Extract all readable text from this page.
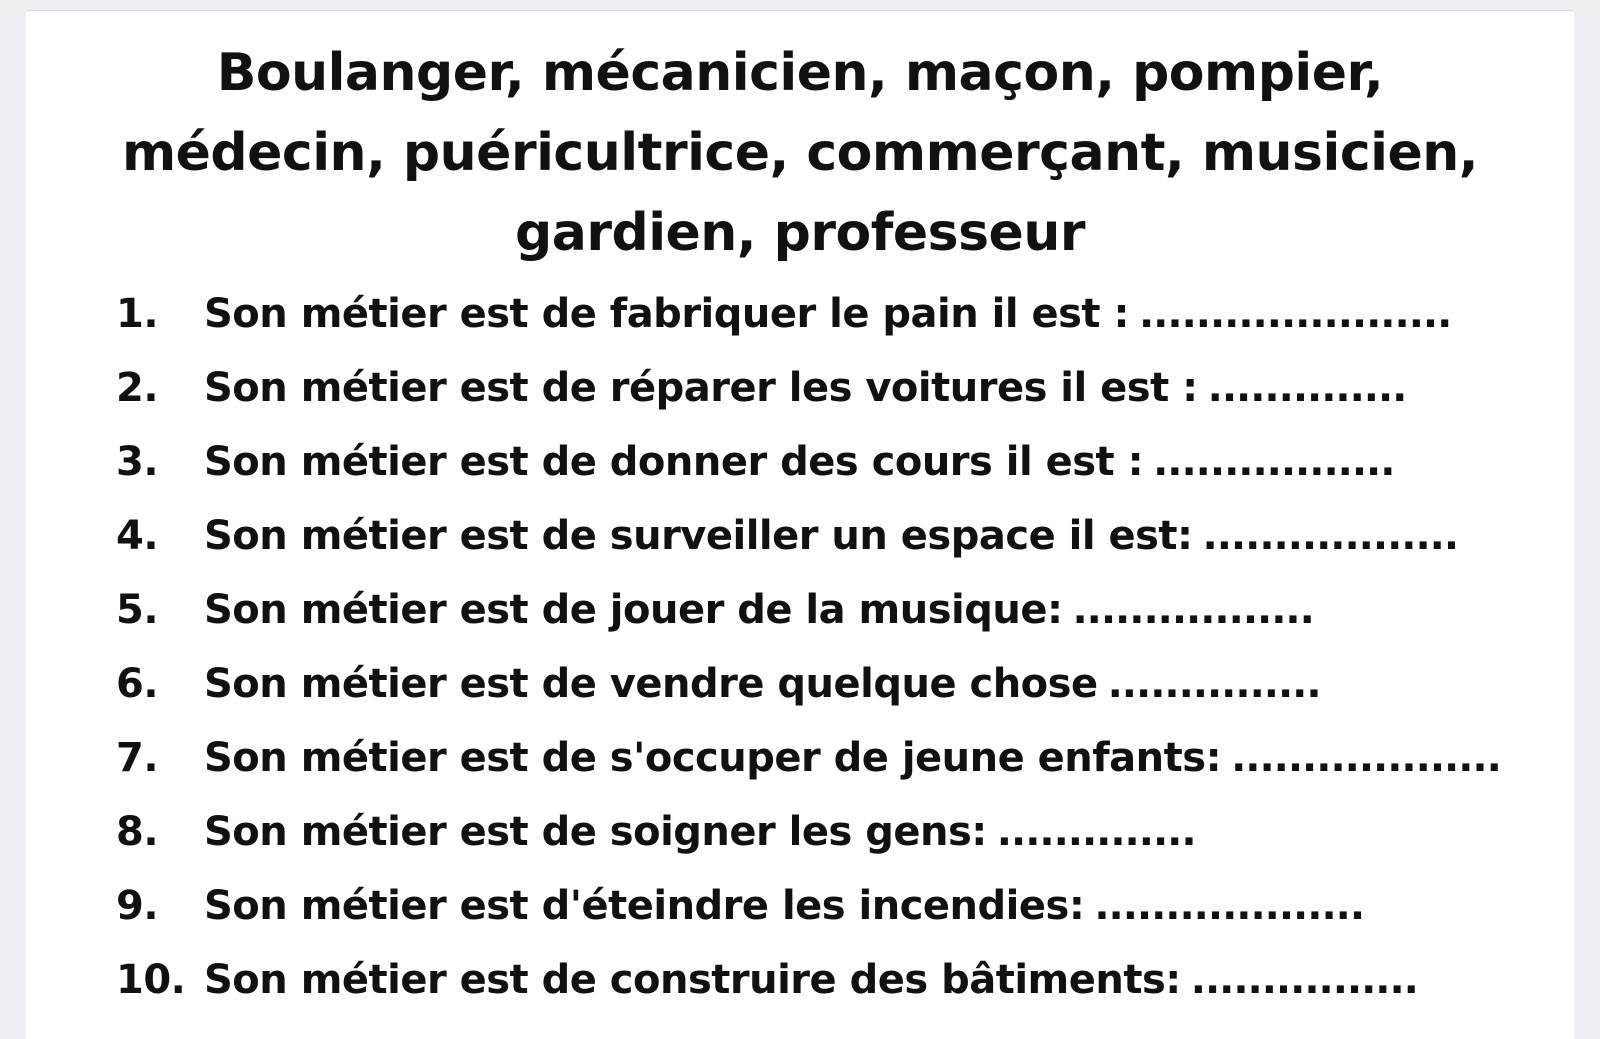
Boulanger, mécanicien, maçon, pompier,
médecin, puéricultrice, commerçant, musicien,
gardien, professeur
1.	Son métier est de fabriquer le pain il est : ......................
2.	Son métier est de réparer les voitures il est : ..............
3.	Son métier est de donner des cours il est : .................
4.	Son métier est de surveiller un espace il est: ..................
5.	Son métier est de jouer de la musique: .................
6.	Son métier est de vendre quelque chose ...............
7.	Son métier est de s'occuper de jeune enfants: ...................
8.	Son métier est de soigner les gens: ..............
9.	Son métier est d'éteindre les incendies: ...................
10. Son métier est de construire des bâtiments: ................
